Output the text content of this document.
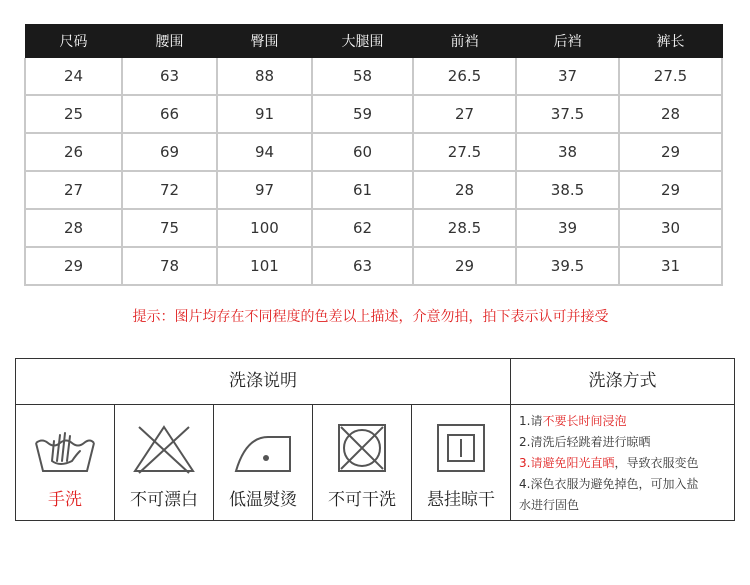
尺码	腰围	臀围	大腿围	前裆	后裆	裤长
24	63	88	58	26.5	37	27.5
25	66	91	59	27	37.5	28
26	69	94	60	27.5	38	29
27	72	97	61	28	38.5	29
28	75	100	62	28.5	39	30
29	78	101	63	29	39.5	31
提示：图片均存在不同程度的色差以上描述，介意勿拍，拍下表示认可并接受
洗涤说明	洗涤方式
手洗	不可漂白	低温熨烫	不可干洗	悬挂晾干
1.请不要长时间浸泡
2.清洗后轻跳着进行晾晒
3.请避免阳光直晒，导致衣服变色
4.深色衣服为避免掉色，可加入盐
水进行固色
